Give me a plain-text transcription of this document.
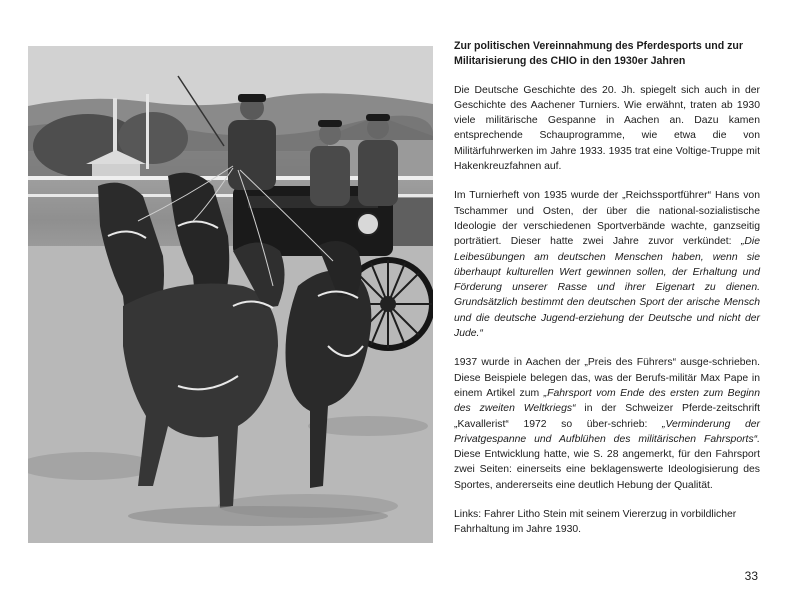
Zur politischen Vereinnahmung des Pferdesports und zur Militarisierung des CHIO in den 1930er Jahren

Die Deutsche Geschichte des 20. Jh. spiegelt sich auch in der Geschichte des Aachener Turniers. Wie erwähnt, traten ab 1930 viele militärische Gespanne in Aachen an. Dazu kamen entsprechende Schauprogramme, wie etwa die von Militärfuhrwerken im Jahre 1933. 1935 trat eine Voltige-Truppe mit Hakenkreuzfahnen auf.

Im Turnierheft von 1935 wurde der „Reichssportführer“ Hans von Tschammer und Osten, der über die national-sozialistische Ideologie der verschiedenen Sportverbände wachte, ganzseitig porträtiert. Dieser hatte zwei Jahre zuvor verkündet: „Die Leibesübungen am deutschen Menschen haben, wenn sie überhaupt kulturellen Wert gewinnen sollen, der Erhaltung und Förderung unserer Rasse und ihrer Eigenart zu dienen. Grundsätzlich bestimmt den deutschen Sport der arische Mensch und die deutsche Jugend-erziehung der Deutsche und nicht der Jude.“

1937 wurde in Aachen der „Preis des Führers“ ausge-schrieben. Diese Beispiele belegen das, was der Berufs-militär Max Pape in einem Artikel zum „Fahrsport vom Ende des ersten zum Beginn des zweiten Weltkriegs“ in der Schweizer Pferde-zeitschrift „Kavallerist“ 1972 so über-schrieb: „Verminderung der Privatgespanne und Aufblühen des militärischen Fahrsports“. Diese Entwicklung hatte, wie S. 28 angemerkt, für den Fahrsport zwei Seiten: einerseits eine beklagenswerte Ideologisierung des Sportes, andererseits eine deutlich Hebung der Qualität.

Links: Fahrer Litho Stein mit seinem Viererzug in vorbildlicher Fahrhaltung im Jahre 1930.

33
